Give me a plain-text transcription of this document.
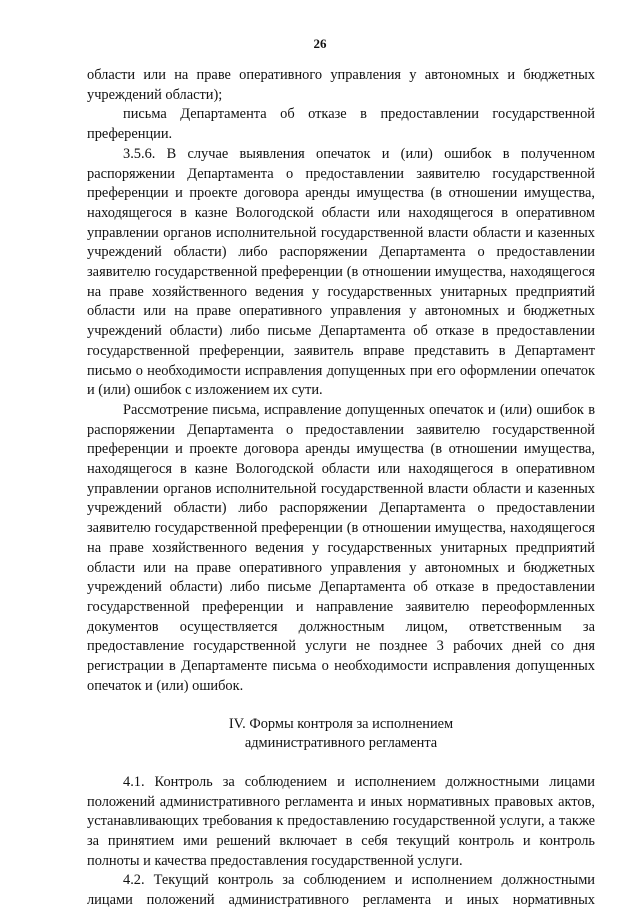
26

области или на праве оперативного управления у автономных и бюджетных учреждений области);

письма Департамента об отказе в предоставлении государственной преференции.

3.5.6. В случае выявления опечаток и (или) ошибок в полученном распоряжении Департамента о предоставлении заявителю государственной преференции и проекте договора аренды имущества (в отношении имущества, находящегося в казне Вологодской области или находящегося в оперативном управлении органов исполнительной государственной власти области и казенных учреждений области) либо распоряжении Департамента о предоставлении заявителю государственной преференции (в отношении имущества, находящегося на праве хозяйственного ведения у государственных унитарных предприятий области или на праве оперативного управления у автономных и бюджетных учреждений области) либо письме Департамента об отказе в предоставлении государственной преференции, заявитель вправе представить в Департамент письмо о необходимости исправления допущенных при его оформлении опечаток и (или) ошибок с изложением их сути.

Рассмотрение письма, исправление допущенных опечаток и (или) ошибок в распоряжении Департамента о предоставлении заявителю государственной преференции и проекте договора аренды имущества (в отношении имущества, находящегося в казне Вологодской области или находящегося в оперативном управлении органов исполнительной государственной власти области и казенных учреждений области) либо распоряжении Департамента о предоставлении заявителю государственной преференции (в отношении имущества, находящегося на праве хозяйственного ведения у государственных унитарных предприятий области или на праве оперативного управления у автономных и бюджетных учреждений области) либо письме Департамента об отказе в предоставлении государственной преференции и направление заявителю переоформленных документов осуществляется должностным лицом, ответственным за предоставление государственной услуги не позднее 3 рабочих дней со дня регистрации в Департаменте письма о необходимости исправления допущенных опечаток и (или) ошибок.

IV. Формы контроля за исполнением
административного регламента

4.1. Контроль за соблюдением и исполнением должностными лицами положений административного регламента и иных нормативных правовых актов, устанавливающих требования к предоставлению государственной услуги, а также за принятием ими решений включает в себя текущий контроль и контроль полноты и качества предоставления государственной услуги.

4.2. Текущий контроль за соблюдением и исполнением должностными лицами положений административного регламента и иных нормативных
